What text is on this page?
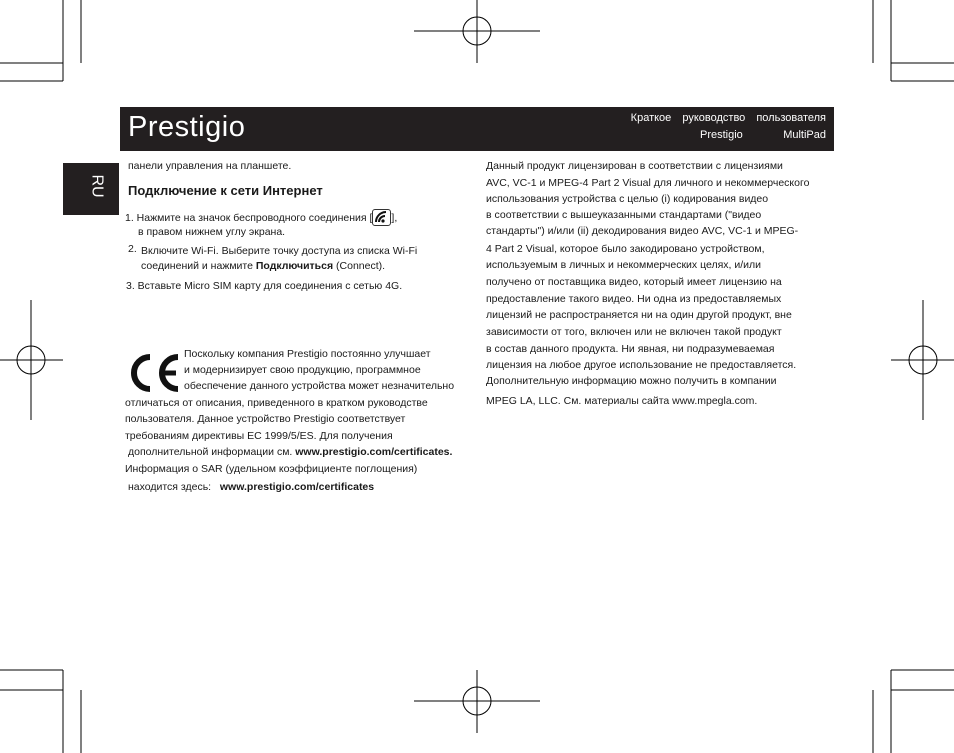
Prestigio	Краткое руководство пользователя
Prestigio	MultiPad
RU
панели управления на планшете.
Подключение к сети Интернет
1. Нажмите на значок беспроводного соединения [ ],
в правом нижнем углу экрана.
2. Включите Wi-Fi. Выберите точку доступа из списка Wi-Fi
соединений и нажмите Подключиться (Connect).
3. Вставьте Micro SIM карту для соединения с сетью 4G.
Поскольку компания Prestigio постоянно улучшает
и модернизирует свою продукцию, программное
обеспечение данного устройства может незначительно
отличаться от описания, приведенного в кратком руководстве
пользователя. Данное устройство Prestigio соответствует
требованиям директивы EC 1999/5/ES. Для получения
дополнительной информации см. www.prestigio.com/certificates.
Информация о SAR (удельном коэффициенте поглощения)
находится здесь: www.prestigio.com/certificates
Данный продукт лицензирован в соответствии с лицензиями
AVC, VC-1 и MPEG-4 Part 2 Visual для личного и некоммерческого
использования устройства с целью (i) кодирования видео
в соответствии с вышеуказанными стандартами ("видео
стандарты") и/или (ii) декодирования видео AVC, VC-1 и MPEG-
4 Part 2 Visual, которое было закодировано устройством,
используемым в личных и некоммерческих целях, и/или
получено от поставщика видео, который имеет лицензию на
предоставление такого видео. Ни одна из предоставляемых
лицензий не распространяется ни на один другой продукт, вне
зависимости от того, включен или не включен такой продукт
в состав данного продукта. Ни явная, ни подразумеваемая
лицензия на любое другое использование не предоставляется.
Дополнительную информацию можно получить в компании
MPEG LA, LLC. См. материалы сайта www.mpegla.com.
